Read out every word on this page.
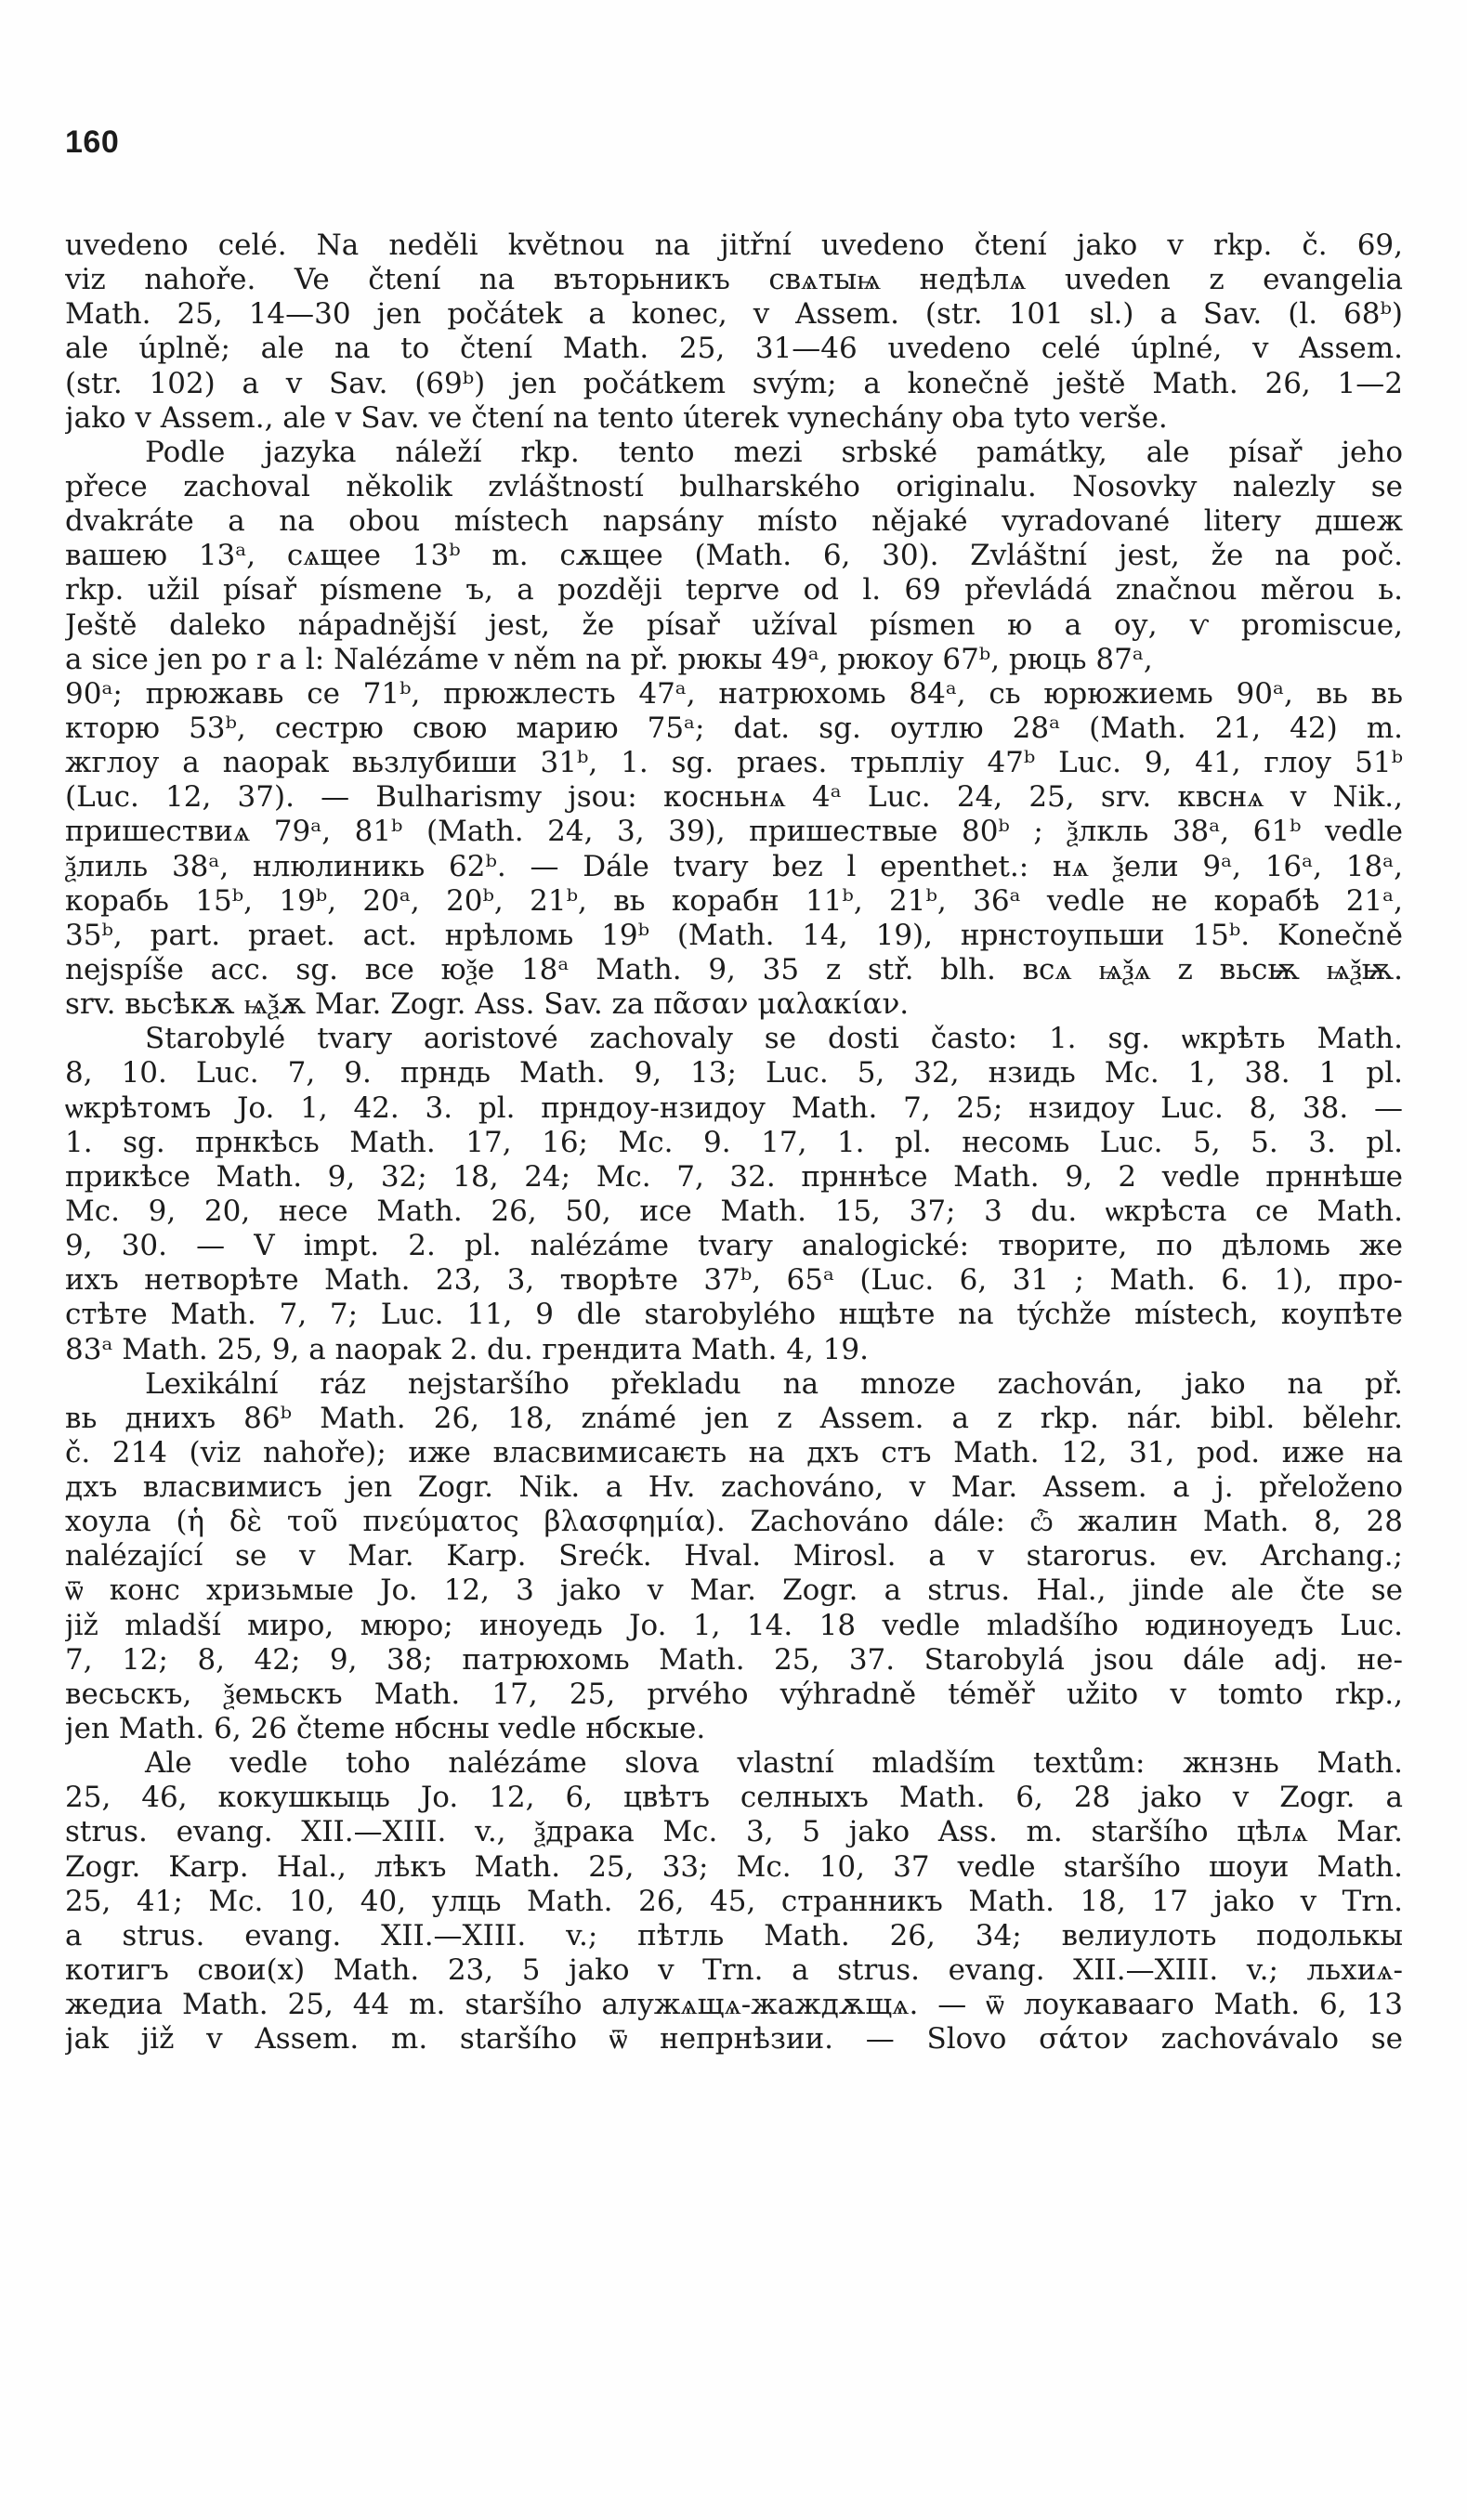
160
uvedeno celé. Na neděli květnou na jitřní uvedeno čtení jako v rkp. č. 69,
viz nahoře. Ve čtení na въторьникъ свѧтыѩ недѣлѧ uveden z evangelia
Math. 25, 14—30 jen počátek a konec, v Assem. (str. 101 sl.) a Sav. (l. 68ᵇ)
ale úplně; ale na to čtení Math. 25, 31—46 uvedeno celé úplné, v Assem.
(str. 102) a v Sav. (69ᵇ) jen počátkem svým; a konečně ještě Math. 26, 1—2
jako v Assem., ale v Sav. ve čtení na tento úterek vynechány oba tyto verše.
Podle jazyka náleží rkp. tento mezi srbské památky, ale písař jeho
přece zachoval několik zvláštností bulharského originalu. Nosovky nalezly se
dvakráte a na obou místech napsány místo nějaké vyradované litery дшеж
вашею 13ᵃ, сѧщее 13ᵇ m. сѫщее (Math. 6, 30). Zvláštní jest, že na poč.
rkp. užil písař písmene ъ, a později teprve od l. 69 převládá značnou měrou ь.
Ještě daleko nápadnější jest, že písař užíval písmen ю a оу, ѵ promiscue,
a sice jen po r a l: Nalézáme v něm na př. рюкы 49ᵃ, рюкоу 67ᵇ, рюць 87ᵃ,
90ᵃ; прюжавь се 71ᵇ, прюжлесть 47ᵃ, натрюхомь 84ᵃ, сь юрюжиемь 90ᵃ, вь вь
кторю 53ᵇ, сестрю свою марию 75ᵃ; dat. sg. оутлю 28ᵃ (Math. 21, 42) m.
жглоу a naopak вьзлубиши 31ᵇ, 1. sg. praes. трьпліу 47ᵇ Luc. 9, 41, глоу 51ᵇ
(Luc. 12, 37). — Bulharismy jsou: косньнѧ 4ᵃ Luc. 24, 25, srv. квснѧ v Nik.,
пришествиѧ 79ᵃ, 81ᵇ (Math. 24, 3, 39), пришествые 80ᵇ ; ѯлкль 38ᵃ, 61ᵇ vedle
ѯлиль 38ᵃ, нлюлиникь 62ᵇ. — Dále tvary bez l epenthet.: нѧ ѯели 9ᵃ, 16ᵃ, 18ᵃ,
корабь 15ᵇ, 19ᵇ, 20ᵃ, 20ᵇ, 21ᵇ, вь корабн 11ᵇ, 21ᵇ, 36ᵃ vedle не корабѣ 21ᵃ,
35ᵇ, part. praet. act. нрѣломь 19ᵇ (Math. 14, 19), нрнстоупьши 15ᵇ. Konečně
nejspíše acc. sg. все юѯе 18ᵃ Math. 9, 35 z stř. blh. всѧ ѩѯѧ z вьсѭ ѩѯѭ.
srv. вьсѣкѫ ѩѯѫ Mar. Zogr. Ass. Sav. za πᾶσαν μαλακίαν.
Starobylé tvary aoristové zachovaly se dosti často: 1. sg. ѡкрѣть Math.
8, 10. Luc. 7, 9. прндь Math. 9, 13; Luc. 5, 32, нзидь Mc. 1, 38. 1 pl.
ѡкрѣтомъ Jo. 1, 42. 3. pl. прндоу-нзидоу Math. 7, 25; нзидоу Luc. 8, 38. —
1. sg. прнкѣсь Math. 17, 16; Mc. 9. 17, 1. pl. несомь Luc. 5, 5. 3. pl.
прикѣсе Math. 9, 32; 18, 24; Mc. 7, 32. прннѣсе Math. 9, 2 vedle прннѣше
Mc. 9, 20, несе Math. 26, 50, исе Math. 15, 37; 3 du. ѡкрѣста се Math.
9, 30. — V impt. 2. pl. nalézáme tvary analogické: творите, по дѣломь же
ихъ нетворѣте Math. 23, 3, творѣте 37ᵇ, 65ᵃ (Luc. 6, 31 ; Math. 6. 1), про-
стѣте Math. 7, 7; Luc. 11, 9 dle starobylého нщѣте na týchže místech, коупѣте
83ᵃ Math. 25, 9, a naopak 2. du. грендита Math. 4, 19.
Lexikální ráz nejstaršího překladu na mnoze zachován, jako na př.
вь днихъ 86ᵇ Math. 26, 18, známé jen z Assem. a z rkp. nár. bibl. bělehr.
č. 214 (viz nahoře); иже власвимисаѥть на дхъ стъ Math. 12, 31, pod. иже на
дхъ власвимисъ jen Zogr. Nik. a Hv. zachováno, v Mar. Assem. a j. přeloženo
хоула (ἡ δὲ τοῦ πνεύματος βλασφημία). Zachováno dále: ѽ жалин Math. 8, 28
nalézající se v Mar. Karp. Srećk. Hval. Mirosl. a v starorus. ev. Archang.;
ѿ конс хризьмые Jo. 12, 3 jako v Mar. Zogr. a strus. Hal., jinde ale čte se
již mladší миро, мюро; иноуедь Jo. 1, 14. 18 vedle mladšího юдиноуедъ Luc.
7, 12; 8, 42; 9, 38; патрюхомь Math. 25, 37. Starobylá jsou dále adj. не-
весьскъ, ѯемьскъ Math. 17, 25, prvého výhradně téměř užito v tomto rkp.,
jen Math. 6, 26 čteme нбсны vedle нбскые.
Ale vedle toho nalézáme slova vlastní mladším textům: жнзнь Math.
25, 46, кокушкыць Jo. 12, 6, цвѣтъ селныхъ Math. 6, 28 jako v Zogr. a
strus. evang. XII.—XIII. v., ѯдрака Mc. 3, 5 jako Ass. m. staršího цѣлѧ Mar.
Zogr. Karp. Hal., лѣкъ Math. 25, 33; Mc. 10, 37 vedle staršího шоуи Math.
25, 41; Mc. 10, 40, улць Math. 26, 45, странникъ Math. 18, 17 jako v Trn.
a strus. evang. XII.—XIII. v.; пѣтль Math. 26, 34; велиулоть подолькы
котигъ свои(х) Math. 23, 5 jako v Trn. a strus. evang. XII.—XIII. v.; льхиѧ-
жедиа Math. 25, 44 m. staršího алужѧщѧ-жаждѫщѧ. — ѿ лоукавааго Math. 6, 13
jak již v Assem. m. staršího ѿ непрнѣзии. — Slovo σάτον zachovávalo se
